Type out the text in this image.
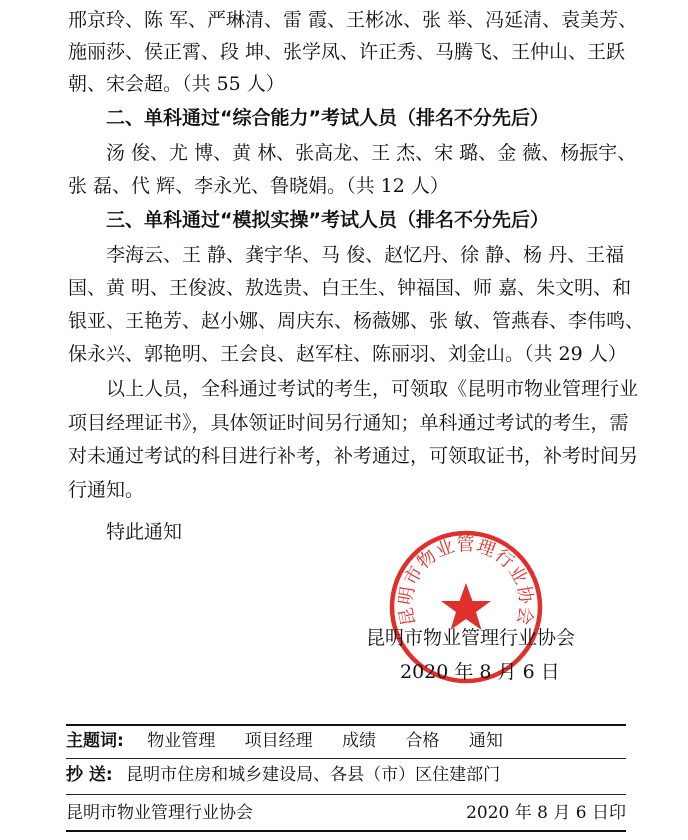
邢京玲、陈 军、严琳清、雷 霞、王彬冰、张 举、冯延清、袁美芳、
施丽莎、侯正霄、段 坤、张学凤、许正秀、马腾飞、王仲山、王跃
朝、宋会超。（共 55 人）
二、单科通过“综合能力”考试人员（排名不分先后）
汤 俊、尤 博、黄 林、张高龙、王 杰、宋 璐、金 薇、杨振宇、
张 磊、代 辉、李永光、鲁晓娟。（共 12 人）
三、单科通过“模拟实操”考试人员（排名不分先后）
李海云、王 静、龚宇华、马 俊、赵忆丹、徐 静、杨 丹、王福
国、黄 明、王俊波、敖选贵、白王生、钟福国、师 嘉、朱文明、和
银亚、王艳芳、赵小娜、周庆东、杨薇娜、张 敏、管燕春、李伟鸣、
保永兴、郭艳明、王会良、赵军柱、陈丽羽、刘金山。（共 29 人）
以上人员，全科通过考试的考生，可领取《昆明市物业管理行业
项目经理证书》，具体领证时间另行通知；单科通过考试的考生，需
对未通过考试的科目进行补考，补考通过，可领取证书，补考时间另
行通知。
特此通知
昆明市物业管理行业协会
昆明市物业管理行业协会
2020 年 8 月 6 日
主题词: 物业管理 项目经理 成绩 合格 通知
抄 送: 昆明市住房和城乡建设局、各县（市）区住建部门
昆明市物业管理行业协会	2020 年 8 月 6 日印
